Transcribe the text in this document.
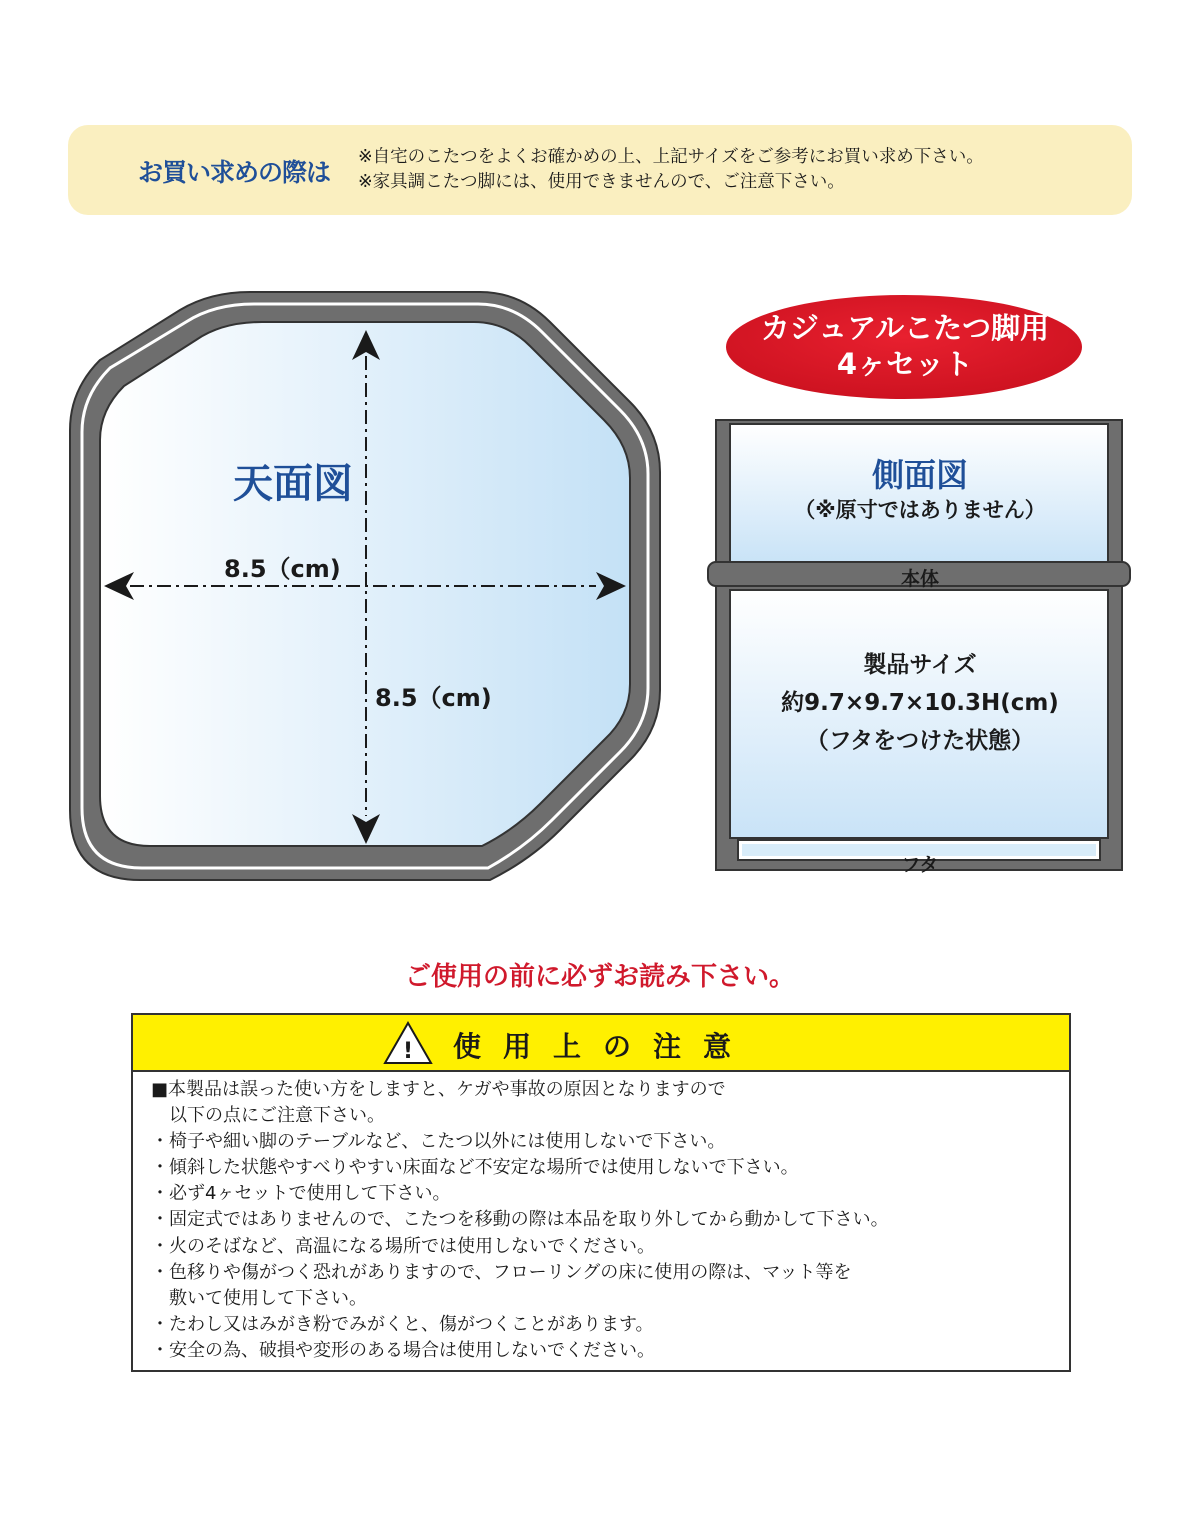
お買い求めの際は
※自宅のこたつをよくお確かめの上、上記サイズをご参考にお買い求め下さい。
※家具調こたつ脚には、使用できませんので、ご注意下さい。
天面図
8.5（cm)
8.5（cm)
カジュアルこたつ脚用
4ヶセット
側面図
（※原寸ではありません）
本体
製品サイズ
約9.7×9.7×10.3H(cm)
（フタをつけた状態）
フタ
ご使用の前に必ずお読み下さい。
! 使用上の注意
■本製品は誤った使い方をしますと、ケガや事故の原因となりますので
　以下の点にご注意下さい。
・椅子や細い脚のテーブルなど、こたつ以外には使用しないで下さい。
・傾斜した状態やすべりやすい床面など不安定な場所では使用しないで下さい。
・必ず4ヶセットで使用して下さい。
・固定式ではありませんので、こたつを移動の際は本品を取り外してから動かして下さい。
・火のそばなど、高温になる場所では使用しないでください。
・色移りや傷がつく恐れがありますので、フローリングの床に使用の際は、マット等を
　敷いて使用して下さい。
・たわし又はみがき粉でみがくと、傷がつくことがあります。
・安全の為、破損や変形のある場合は使用しないでください。
